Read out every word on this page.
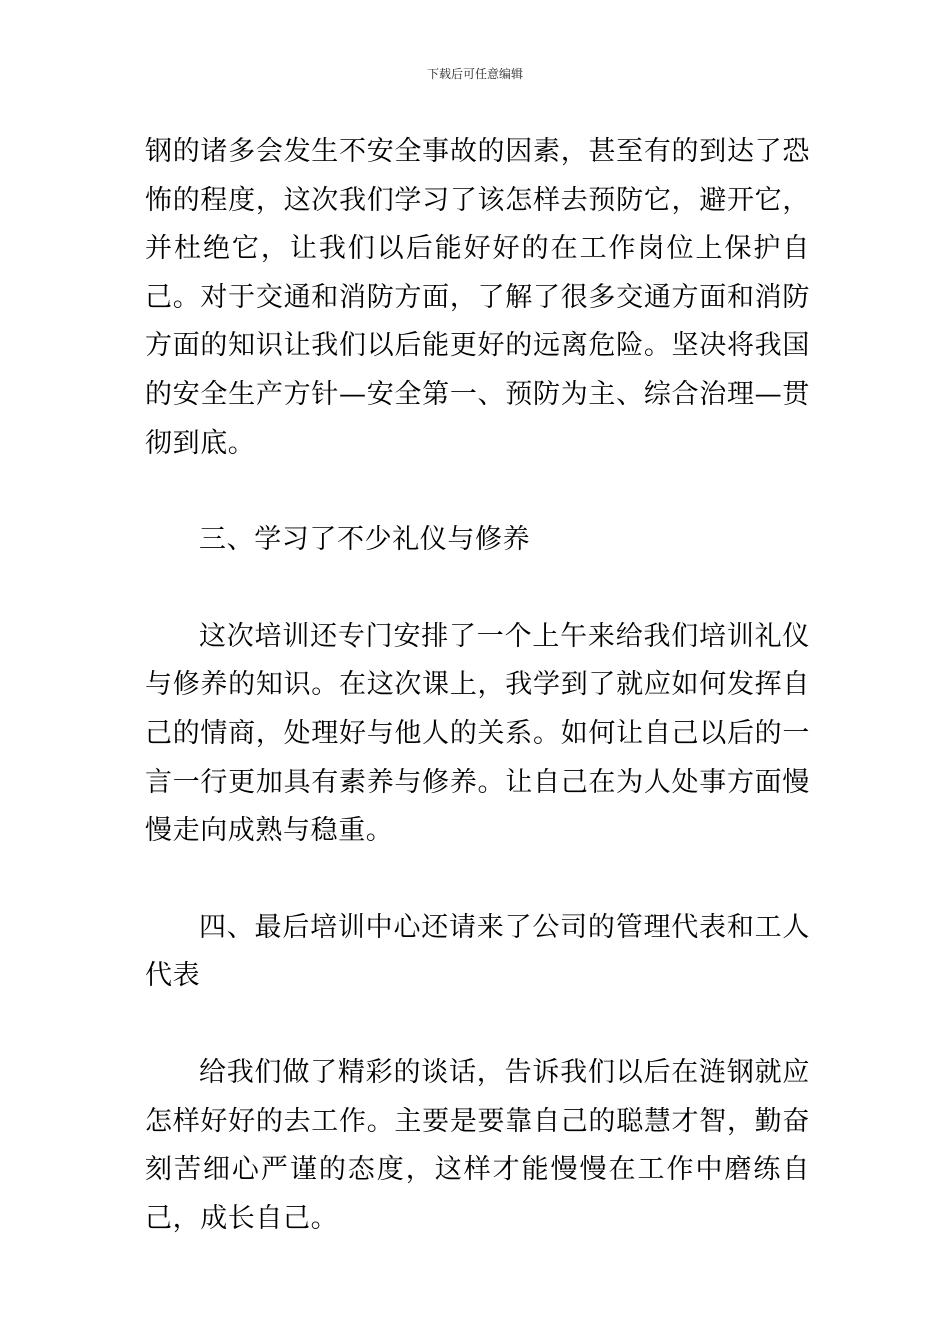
下载后可任意编辑

钢的诸多会发生不安全事故的因素，甚至有的到达了恐怖的程度，这次我们学习了该怎样去预防它，避开它，并杜绝它，让我们以后能好好的在工作岗位上保护自己。对于交通和消防方面，了解了很多交通方面和消防方面的知识让我们以后能更好的远离危险。坚决将我国的安全生产方针—安全第一、预防为主、综合治理—贯彻到底。

三、学习了不少礼仪与修养

这次培训还专门安排了一个上午来给我们培训礼仪与修养的知识。在这次课上，我学到了就应如何发挥自己的情商，处理好与他人的关系。如何让自己以后的一言一行更加具有素养与修养。让自己在为人处事方面慢慢走向成熟与稳重。

四、最后培训中心还请来了公司的管理代表和工人代表

给我们做了精彩的谈话，告诉我们以后在涟钢就应怎样好好的去工作。主要是要靠自己的聪慧才智，勤奋刻苦细心严谨的态度，这样才能慢慢在工作中磨练自己，成长自己。
